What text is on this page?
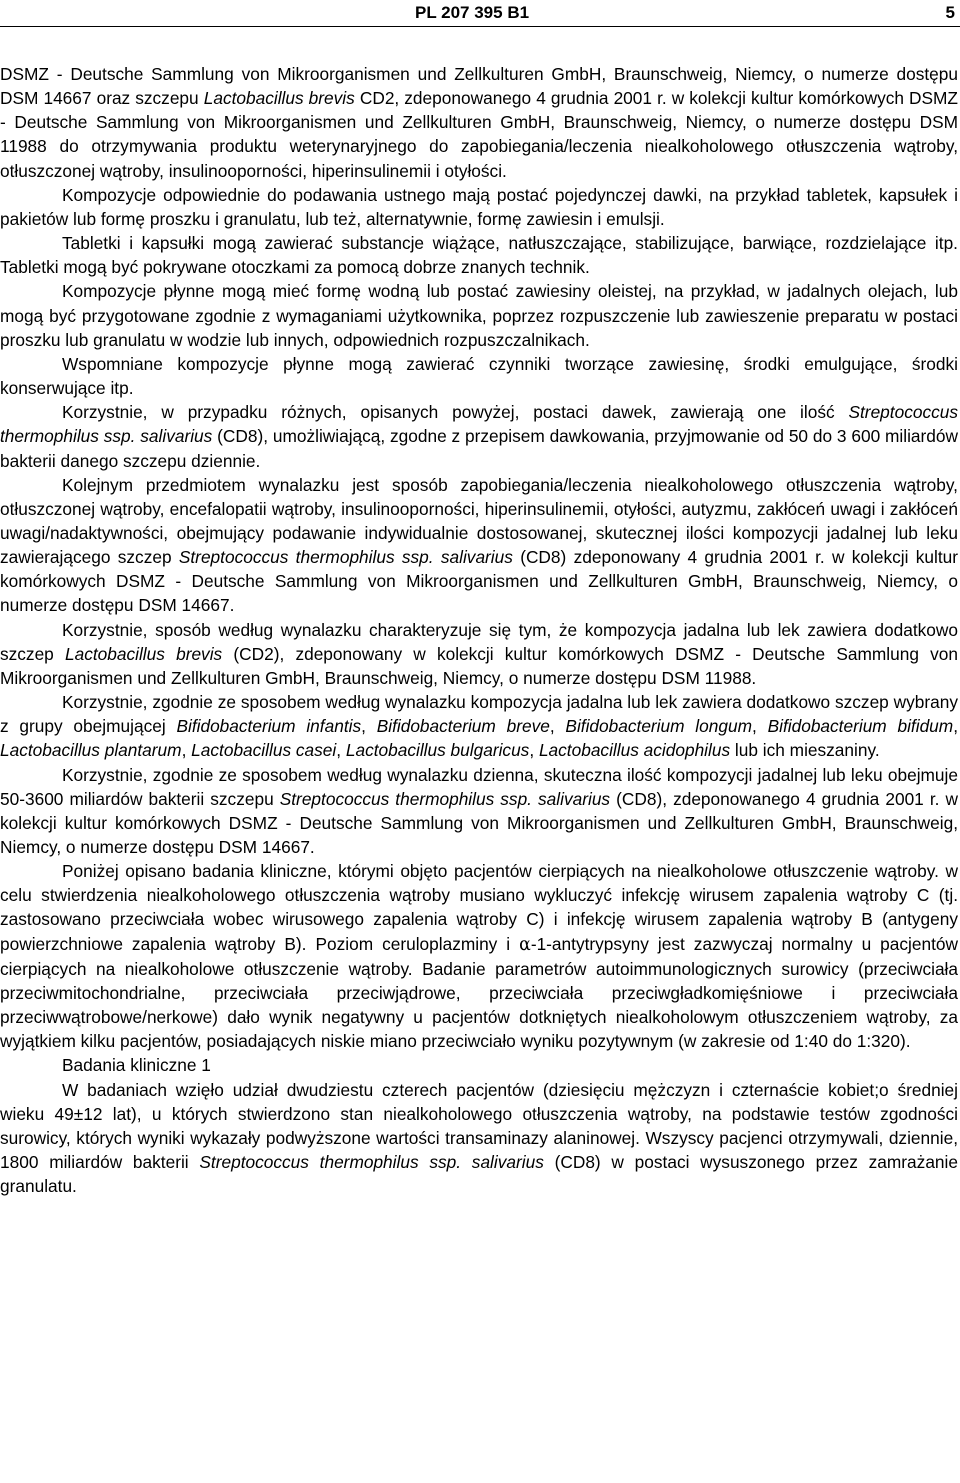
PL 207 395 B1	5

DSMZ - Deutsche Sammlung von Mikroorganismen und Zellkulturen GmbH, Braunschweig, Niemcy, o numerze dostępu DSM 14667 oraz szczepu Lactobacillus brevis CD2, zdeponowanego 4 grudnia 2001 r. w kolekcji kultur komórkowych DSMZ - Deutsche Sammlung von Mikroorganismen und Zellkulturen GmbH, Braunschweig, Niemcy, o numerze dostępu DSM 11988 do otrzymywania produktu weterynaryjnego do zapobiegania/leczenia niealkoholowego otłuszczenia wątroby, otłuszczonej wątroby, insulinooporności, hiperinsulinemii i otyłości.

Kompozycje odpowiednie do podawania ustnego mają postać pojedynczej dawki, na przykład tabletek, kapsułek i pakietów lub formę proszku i granulatu, lub też, alternatywnie, formę zawiesin i emulsji.

Tabletki i kapsułki mogą zawierać substancje wiążące, natłuszczające, stabilizujące, barwiące, rozdzielające itp. Tabletki mogą być pokrywane otoczkami za pomocą dobrze znanych technik.

Kompozycje płynne mogą mieć formę wodną lub postać zawiesiny oleistej, na przykład, w jadalnych olejach, lub mogą być przygotowane zgodnie z wymaganiami użytkownika, poprzez rozpuszczenie lub zawieszenie preparatu w postaci proszku lub granulatu w wodzie lub innych, odpowiednich rozpuszczalnikach.

Wspomniane kompozycje płynne mogą zawierać czynniki tworzące zawiesinę, środki emulgujące, środki konserwujące itp.

Korzystnie, w przypadku różnych, opisanych powyżej, postaci dawek, zawierają one ilość Streptococcus thermophilus ssp. salivarius (CD8), umożliwiającą, zgodne z przepisem dawkowania, przyjmowanie od 50 do 3 600 miliardów bakterii danego szczepu dziennie.

Kolejnym przedmiotem wynalazku jest sposób zapobiegania/leczenia niealkoholowego otłuszczenia wątroby, otłuszczonej wątroby, encefalopatii wątroby, insulinooporności, hiperinsulinemii, otyłości, autyzmu, zakłóceń uwagi i zakłóceń uwagi/nadaktywności, obejmujący podawanie indywidualnie dostosowanej, skutecznej ilości kompozycji jadalnej lub leku zawierającego szczep Streptococcus thermophilus ssp. salivarius (CD8) zdeponowany 4 grudnia 2001 r. w kolekcji kultur komórkowych DSMZ - Deutsche Sammlung von Mikroorganismen und Zellkulturen GmbH, Braunschweig, Niemcy, o numerze dostępu DSM 14667.

Korzystnie, sposób według wynalazku charakteryzuje się tym, że kompozycja jadalna lub lek zawiera dodatkowo szczep Lactobacillus brevis (CD2), zdeponowany w kolekcji kultur komórkowych DSMZ - Deutsche Sammlung von Mikroorganismen und Zellkulturen GmbH, Braunschweig, Niemcy, o numerze dostępu DSM 11988.

Korzystnie, zgodnie ze sposobem według wynalazku kompozycja jadalna lub lek zawiera dodatkowo szczep wybrany z grupy obejmującej Bifidobacterium infantis, Bifidobacterium breve, Bifidobacterium longum, Bifidobacterium bifidum, Lactobacillus plantarum, Lactobacillus casei, Lactobacillus bulgaricus, Lactobacillus acidophilus lub ich mieszaniny.

Korzystnie, zgodnie ze sposobem według wynalazku dzienna, skuteczna ilość kompozycji jadalnej lub leku obejmuje 50-3600 miliardów bakterii szczepu Streptococcus thermophilus ssp. salivarius (CD8), zdeponowanego 4 grudnia 2001 r. w kolekcji kultur komórkowych DSMZ - Deutsche Sammlung von Mikroorganismen und Zellkulturen GmbH, Braunschweig, Niemcy, o numerze dostępu DSM 14667.

Poniżej opisano badania kliniczne, którymi objęto pacjentów cierpiących na niealkoholowe otłuszczenie wątroby. w celu stwierdzenia niealkoholowego otłuszczenia wątroby musiano wykluczyć infekcję wirusem zapalenia wątroby C (tj. zastosowano przeciwciała wobec wirusowego zapalenia wątroby C) i infekcję wirusem zapalenia wątroby B (antygeny powierzchniowe zapalenia wątroby B). Poziom ceruloplazminy i α-1-antytrypsyny jest zazwyczaj normalny u pacjentów cierpiących na niealkoholowe otłuszczenie wątroby. Badanie parametrów autoimmunologicznych surowicy (przeciwciała przeciwmitochondrialne, przeciwciała przeciwjądrowe, przeciwciała przeciwgładkomięśniowe i przeciwciała przeciwwątrobowe/nerkowe) dało wynik negatywny u pacjentów dotkniętych niealkoholowym otłuszczeniem wątroby, za wyjątkiem kilku pacjentów, posiadających niskie miano przeciwciało wyniku pozytywnym (w zakresie od 1:40 do 1:320).

Badania kliniczne 1

W badaniach wzięło udział dwudziestu czterech pacjentów (dziesięciu mężczyzn i czternaście kobiet;o średniej wieku 49±12 lat), u których stwierdzono stan niealkoholowego otłuszczenia wątroby, na podstawie testów zgodności surowicy, których wyniki wykazały podwyższone wartości transaminazy alaninowej. Wszyscy pacjenci otrzymywali, dziennie, 1800 miliardów bakterii Streptococcus thermophilus ssp. salivarius (CD8) w postaci wysuszonego przez zamrażanie granulatu.
